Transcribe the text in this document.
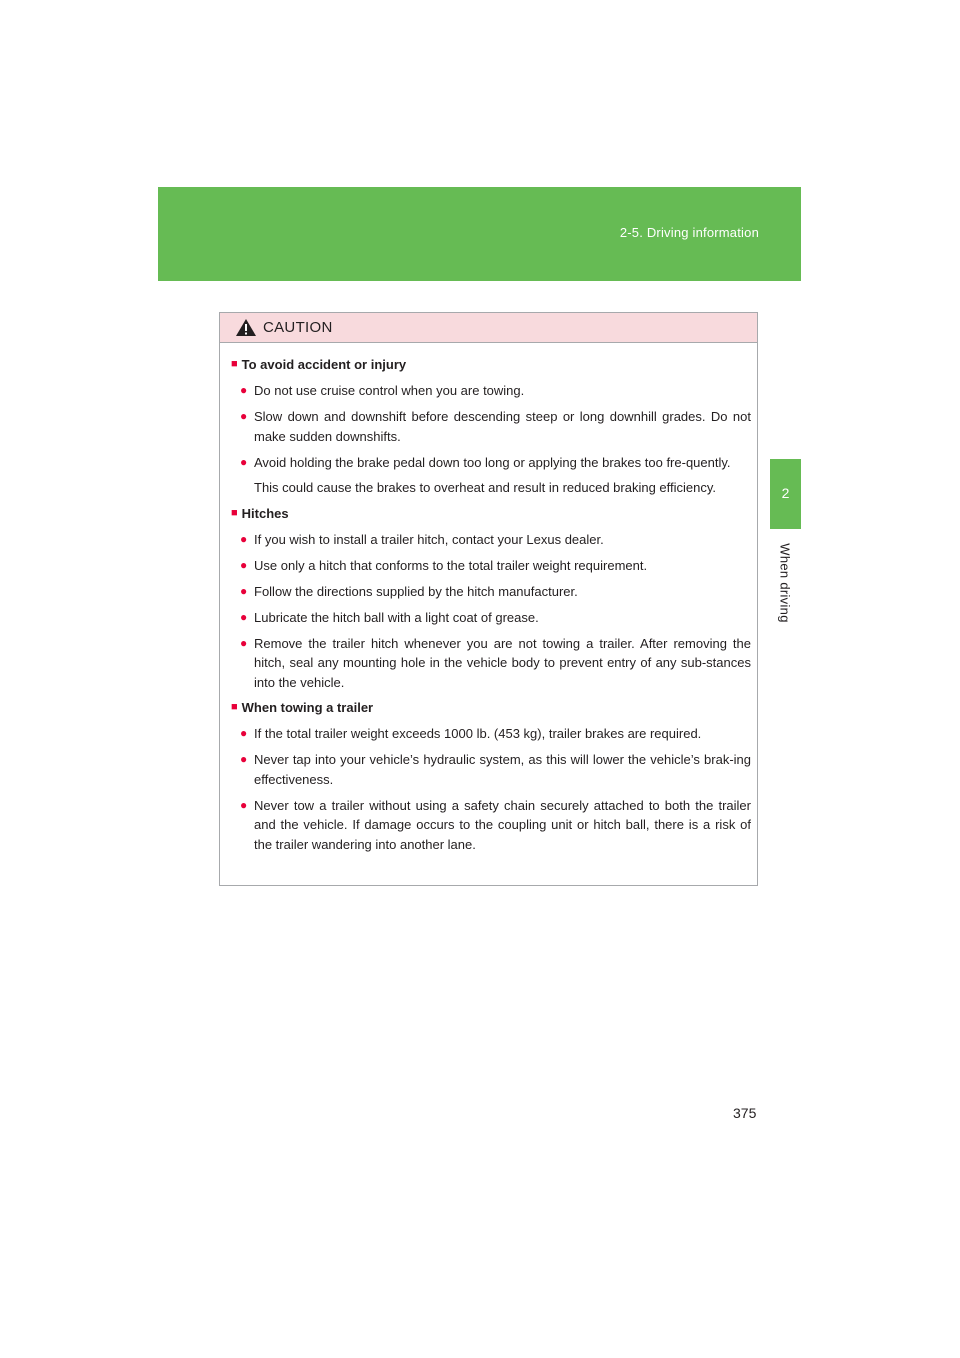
2-5. Driving information
2
When driving
CAUTION
■ To avoid accident or injury
● Do not use cruise control when you are towing.
● Slow down and downshift before descending steep or long downhill grades. Do not make sudden downshifts.
● Avoid holding the brake pedal down too long or applying the brakes too fre-quently.
This could cause the brakes to overheat and result in reduced braking efficiency.
■ Hitches
● If you wish to install a trailer hitch, contact your Lexus dealer.
● Use only a hitch that conforms to the total trailer weight requirement.
● Follow the directions supplied by the hitch manufacturer.
● Lubricate the hitch ball with a light coat of grease.
● Remove the trailer hitch whenever you are not towing a trailer. After removing the hitch, seal any mounting hole in the vehicle body to prevent entry of any sub-stances into the vehicle.
■ When towing a trailer
● If the total trailer weight exceeds 1000 lb. (453 kg), trailer brakes are required.
● Never tap into your vehicle’s hydraulic system, as this will lower the vehicle’s brak-ing effectiveness.
● Never tow a trailer without using a safety chain securely attached to both the trailer and the vehicle. If damage occurs to the coupling unit or hitch ball, there is a risk of the trailer wandering into another lane.
375
